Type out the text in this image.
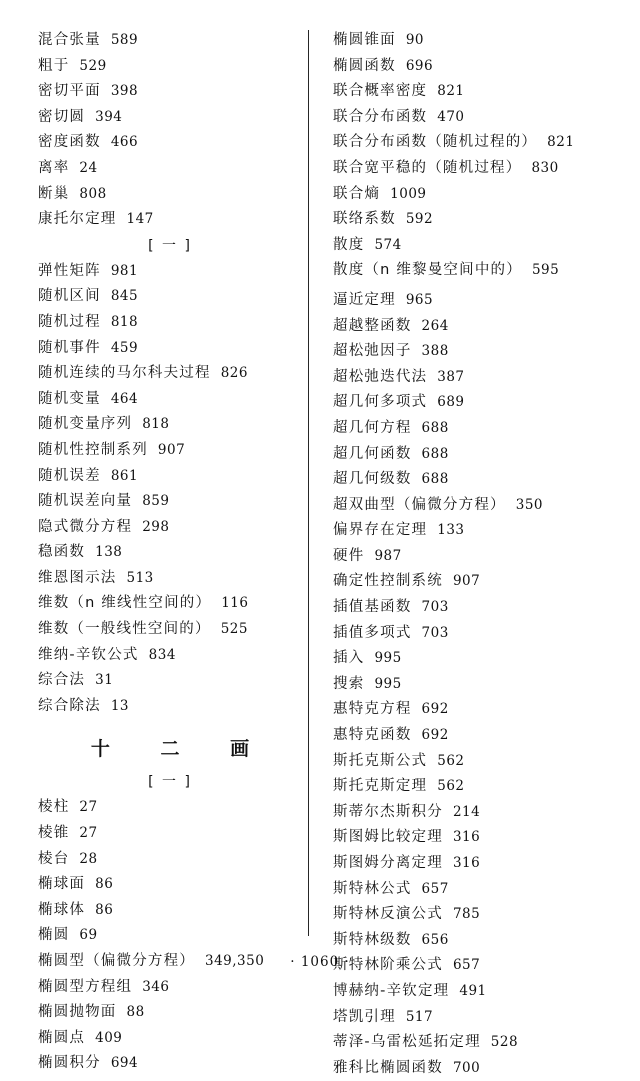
混合张量 589
粗于 529
密切平面 398
密切圆 394
密度函数 466
离率 24
断巢 808
康托尔定理 147
[ 一 ]
弹性矩阵 981
随机区间 845
随机过程 818
随机事件 459
随机连续的马尔科夫过程 826
随机变量 464
随机变量序列 818
随机性控制系列 907
随机误差 861
随机误差向量 859
隐式微分方程 298
稳函数 138
维恩图示法 513
维数（n 维线性空间的） 116
维数（一般线性空间的） 525
维纳-辛钦公式 834
综合法 31
综合除法 13
十 二 画
[ 一 ]
棱柱 27
棱锥 27
棱台 28
椭球面 86
椭球体 86
椭圆 69
椭圆型（偏微分方程） 349,350
椭圆型方程组 346
椭圆抛物面 88
椭圆点 409
椭圆积分 694
椭圆锥面 90
椭圆函数 696
联合概率密度 821
联合分布函数 470
联合分布函数（随机过程的） 821
联合宽平稳的（随机过程） 830
联合熵 1009
联络系数 592
散度 574
散度（n 维黎曼空间中的） 595
逼近定理 965
超越整函数 264
超松弛因子 388
超松弛迭代法 387
超几何多项式 689
超几何方程 688
超几何函数 688
超几何级数 688
超双曲型（偏微分方程） 350
偏界存在定理 133
硬件 987
确定性控制系统 907
插值基函数 703
插值多项式 703
插入 995
搜索 995
惠特克方程 692
惠特克函数 692
斯托克斯公式 562
斯托克斯定理 562
斯蒂尔杰斯积分 214
斯图姆比较定理 316
斯图姆分离定理 316
斯特林公式 657
斯特林反演公式 785
斯特林级数 656
斯特林阶乘公式 657
博赫纳-辛钦定理 491
塔凯引理 517
蒂泽-乌雷松延拓定理 528
雅科比椭圆函数 700
· 1060 ·
